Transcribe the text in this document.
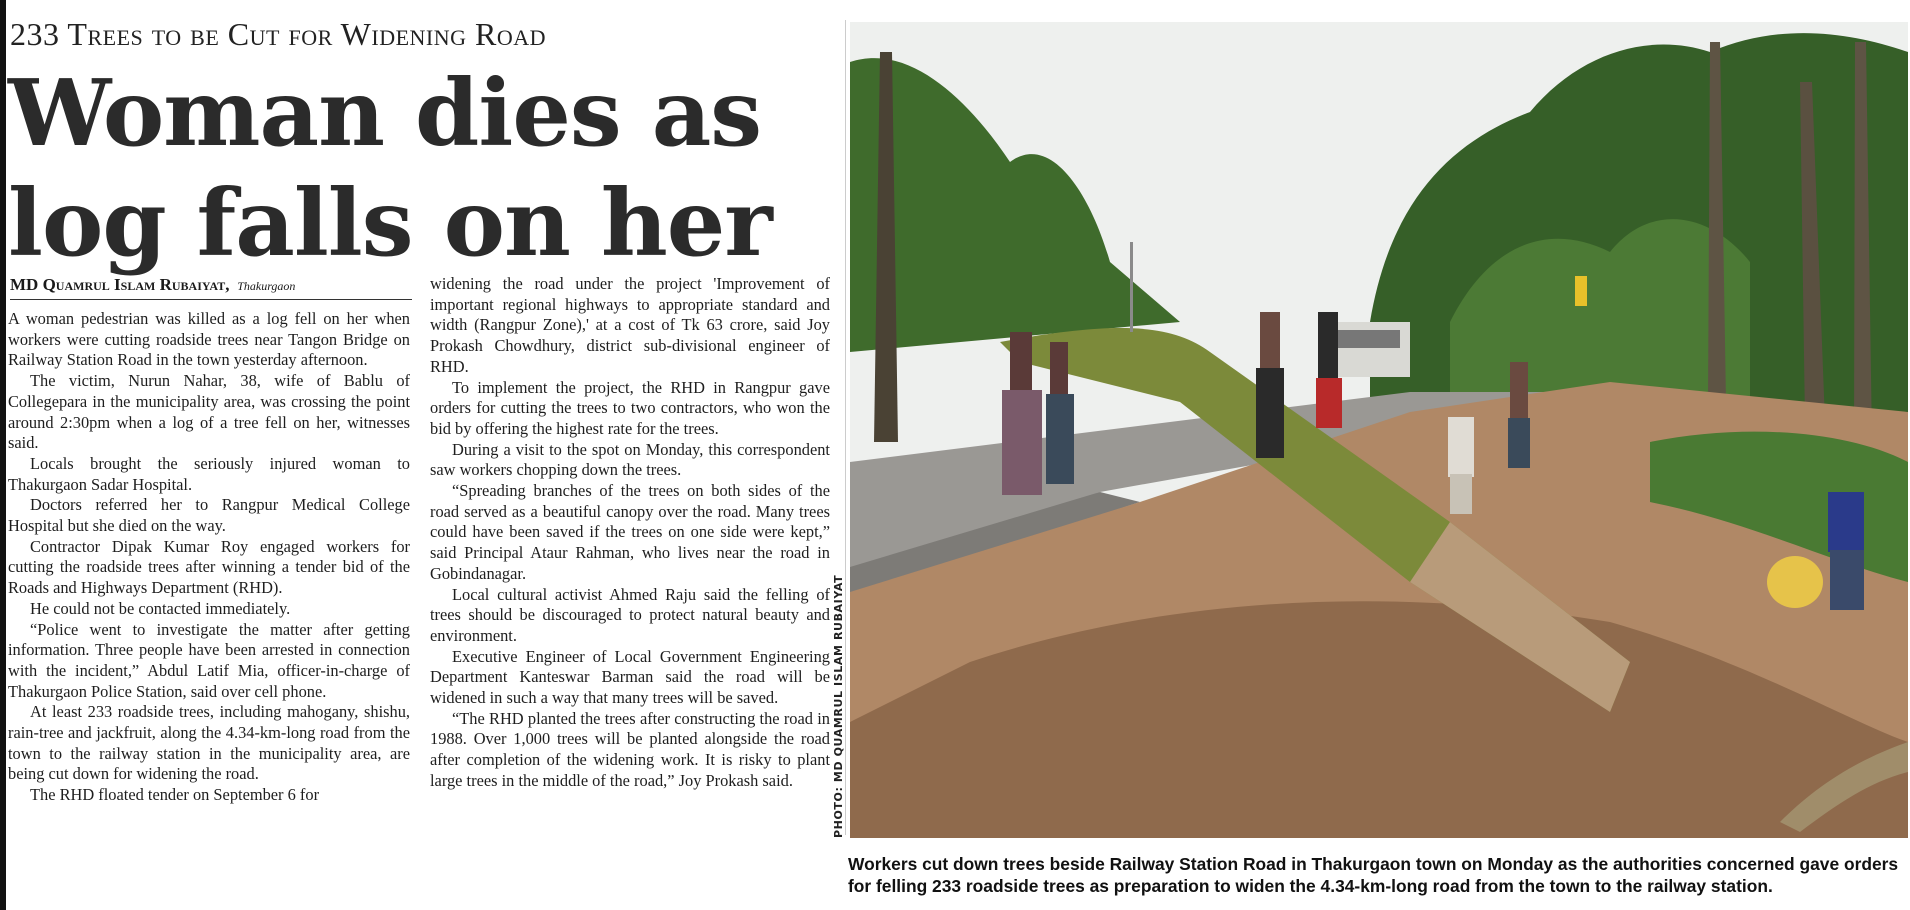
233 Trees to be Cut for Widening Road
Woman dies as log falls on her
MD Quamrul Islam Rubaiyat, Thakurgaon

A woman pedestrian was killed as a log fell on her when workers were cutting roadside trees near Tangon Bridge on Railway Station Road in the town yesterday afternoon.

The victim, Nurun Nahar, 38, wife of Bablu of Collegepara in the municipality area, was crossing the point around 2:30pm when a log of a tree fell on her, witnesses said.

Locals brought the seriously injured woman to Thakurgaon Sadar Hospital.

Doctors referred her to Rangpur Medical College Hospital but she died on the way.

Contractor Dipak Kumar Roy engaged workers for cutting the roadside trees after winning a tender bid of the Roads and Highways Department (RHD).

He could not be contacted immediately.

“Police went to investigate the matter after getting information. Three people have been arrested in connection with the incident,” Abdul Latif Mia, officer-in-charge of Thakurgaon Police Station, said over cell phone.

At least 233 roadside trees, including mahogany, shishu, rain-tree and jackfruit, along the 4.34-km-long road from the town to the railway station in the municipality area, are being cut down for widening the road.

The RHD floated tender on September 6 for

widening the road under the project 'Improvement of important regional highways to appropriate standard and width (Rangpur Zone),' at a cost of Tk 63 crore, said Joy Prokash Chowdhury, district sub-divisional engineer of RHD.

To implement the project, the RHD in Rangpur gave orders for cutting the trees to two contractors, who won the bid by offering the highest rate for the trees.

During a visit to the spot on Monday, this correspondent saw workers chopping down the trees.

“Spreading branches of the trees on both sides of the road served as a beautiful canopy over the road. Many trees could have been saved if the trees on one side were kept,” said Principal Ataur Rahman, who lives near the road in Gobindanagar.

Local cultural activist Ahmed Raju said the felling of trees should be discouraged to protect natural beauty and environment.

Executive Engineer of Local Government Engineering Department Kanteswar Barman said the road will be widened in such a way that many trees will be saved.

“The RHD planted the trees after constructing the road in 1988. Over 1,000 trees will be planted alongside the road after completion of the widening work. It is risky to plant large trees in the middle of the road,” Joy Prokash said.	PHOTO: MD QUAMRUL ISLAM RUBAIYAT
Workers cut down trees beside Railway Station Road in Thakurgaon town on Monday as the authorities concerned gave orders for felling 233 roadside trees as preparation to widen the 4.34-km-long road from the town to the railway station.
